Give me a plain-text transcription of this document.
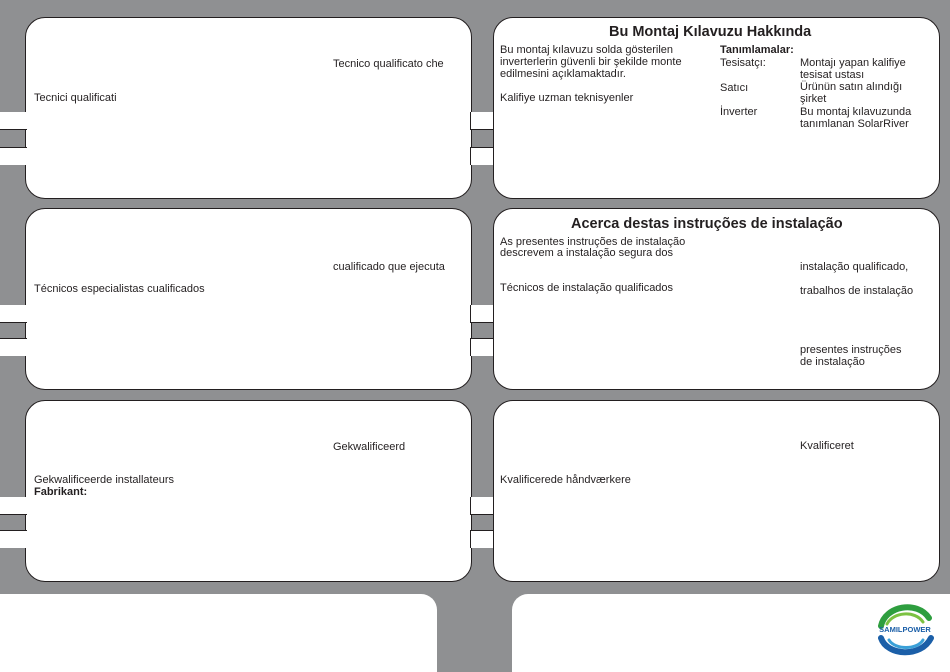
Tecnico qualificato che
Tecnici qualificati
Bu Montaj Kılavuzu Hakkında
Bu montaj kılavuzu solda gösterilen
inverterlerin güvenli bir şekilde monte
edilmesini açıklamaktadır.
Kalifiye uzman teknisyenler
Tanımlamalar:
Tesisatçı:	Montajı yapan kalifiye
tesisat ustası
Satıcı	Ürünün satın alındığı
şirket
İnverter	Bu montaj kılavuzunda
tanımlanan SolarRiver
cualificado que ejecuta
Técnicos especialistas cualificados
Acerca destas instruções de instalação
As presentes instruções de instalação
descrevem a instalação segura dos
Técnicos de instalação qualificados
instalação qualificado,
trabalhos de instalação
presentes instruções
de instalação
Gekwalificeerd
Gekwalificeerde installateurs
Fabrikant:
Kvalificeret
Kvalificerede håndværkere
SAMILPOWER
